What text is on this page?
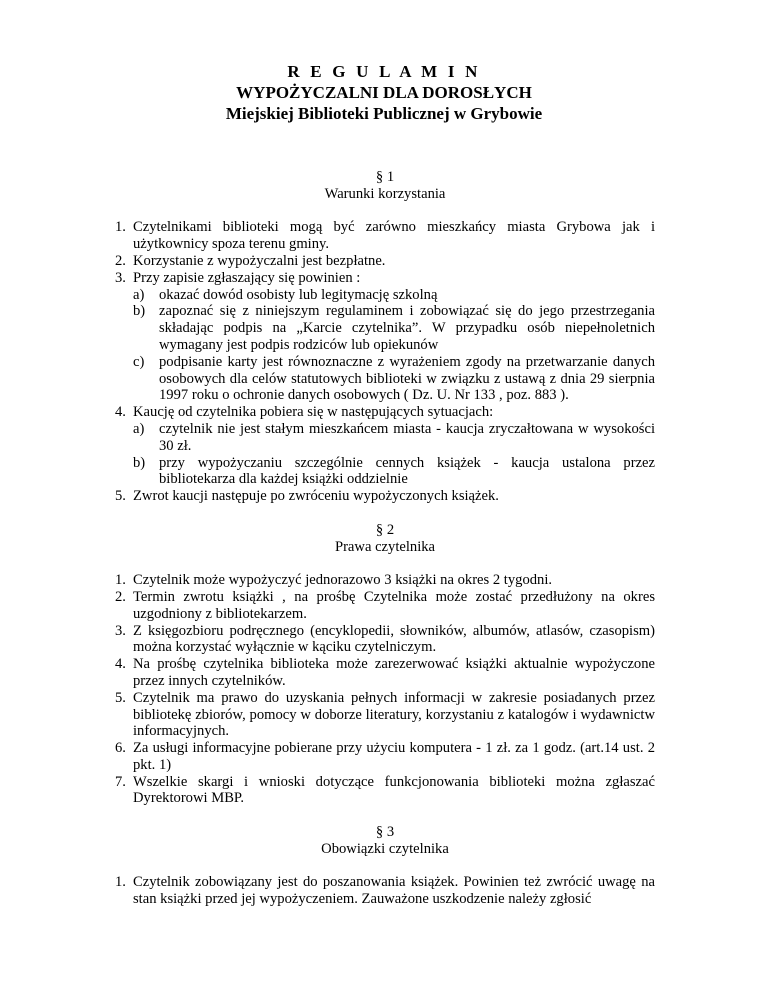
R E G U L A M I N
WYPOŻYCZALNI DLA DOROSŁYCH
Miejskiej Biblioteki Publicznej w Grybowie
§ 1
Warunki korzystania
1. Czytelnikami biblioteki mogą być zarówno mieszkańcy miasta Grybowa jak i użytkownicy spoza terenu gminy.
2. Korzystanie z wypożyczalni jest bezpłatne.
3. Przy zapisie zgłaszający się powinien :
a) okazać dowód osobisty lub legitymację szkolną
b) zapoznać się z niniejszym regulaminem i zobowiązać się do jego przestrzegania składając podpis na „Karcie czytelnika”. W przypadku osób niepełnoletnich wymagany jest podpis rodziców lub opiekunów
c) podpisanie karty jest równoznaczne z wyrażeniem zgody na przetwarzanie danych osobowych dla celów statutowych biblioteki w związku z ustawą z dnia 29 sierpnia 1997 roku o ochronie danych osobowych ( Dz. U. Nr 133 , poz. 883 ).
4. Kaucję od czytelnika pobiera się w następujących sytuacjach:
a) czytelnik nie jest stałym mieszkańcem miasta - kaucja zryczałtowana w wysokości 30 zł.
b) przy wypożyczaniu szczególnie cennych książek - kaucja ustalona przez bibliotekarza dla każdej książki oddzielnie
5. Zwrot kaucji następuje po zwróceniu wypożyczonych książek.
§ 2
Prawa czytelnika
1. Czytelnik może wypożyczyć jednorazowo 3 książki na okres 2 tygodni.
2. Termin zwrotu książki , na prośbę Czytelnika może zostać przedłużony na okres uzgodniony z bibliotekarzem.
3. Z księgozbioru podręcznego (encyklopedii, słowników, albumów, atlasów, czasopism) można korzystać wyłącznie w kąciku czytelniczym.
4. Na prośbę czytelnika biblioteka może zarezerwować książki aktualnie wypożyczone przez innych czytelników.
5. Czytelnik ma prawo do uzyskania pełnych informacji w zakresie posiadanych przez bibliotekę zbiorów, pomocy w doborze literatury, korzystaniu z katalogów i wydawnictw informacyjnych.
6. Za usługi informacyjne pobierane przy użyciu komputera - 1 zł. za 1 godz. (art.14 ust. 2 pkt. 1)
7. Wszelkie skargi i wnioski dotyczące funkcjonowania biblioteki można zgłaszać Dyrektorowi MBP.
§ 3
Obowiązki czytelnika
1. Czytelnik zobowiązany jest do poszanowania książek. Powinien też zwrócić uwagę na stan książki przed jej wypożyczeniem. Zauważone uszkodzenie należy zgłosić
